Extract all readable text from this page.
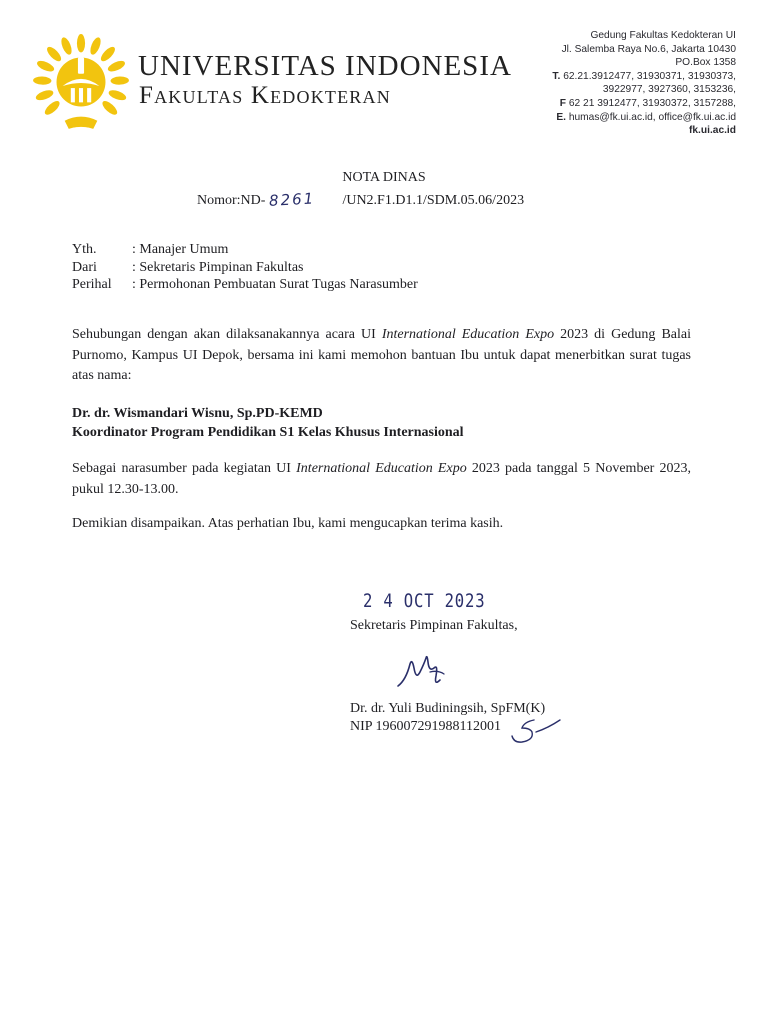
UNIVERSITAS INDONESIA
Fakultas Kedokteran
Gedung Fakultas Kedokteran UI
Jl. Salemba Raya No.6, Jakarta 10430
PO.Box 1358
T. 62.21.3912477, 31930371, 31930373,
3922977, 3927360, 3153236,
F 62 21 3912477, 31930372, 3157288,
E. humas@fk.ui.ac.id, office@fk.ui.ac.id
fk.ui.ac.id
NOTA DINAS
Nomor:ND- 8261 /UN2.F1.D1.1/SDM.05.06/2023
Yth.	: Manajer Umum
Dari	: Sekretaris Pimpinan Fakultas
Perihal	: Permohonan Pembuatan Surat Tugas Narasumber
Sehubungan dengan akan dilaksanakannya acara UI International Education Expo 2023 di Gedung Balai Purnomo, Kampus UI Depok, bersama ini kami memohon bantuan Ibu untuk dapat menerbitkan surat tugas atas nama:
Dr. dr. Wismandari Wisnu, Sp.PD-KEMD
Koordinator Program Pendidikan S1 Kelas Khusus Internasional
Sebagai narasumber pada kegiatan UI International Education Expo 2023 pada tanggal 5 November 2023, pukul 12.30-13.00.
Demikian disampaikan. Atas perhatian Ibu, kami mengucapkan terima kasih.
2 4 OCT 2023
Sekretaris Pimpinan Fakultas,
Dr. dr. Yuli Budiningsih, SpFM(K)
NIP 196007291988112001
